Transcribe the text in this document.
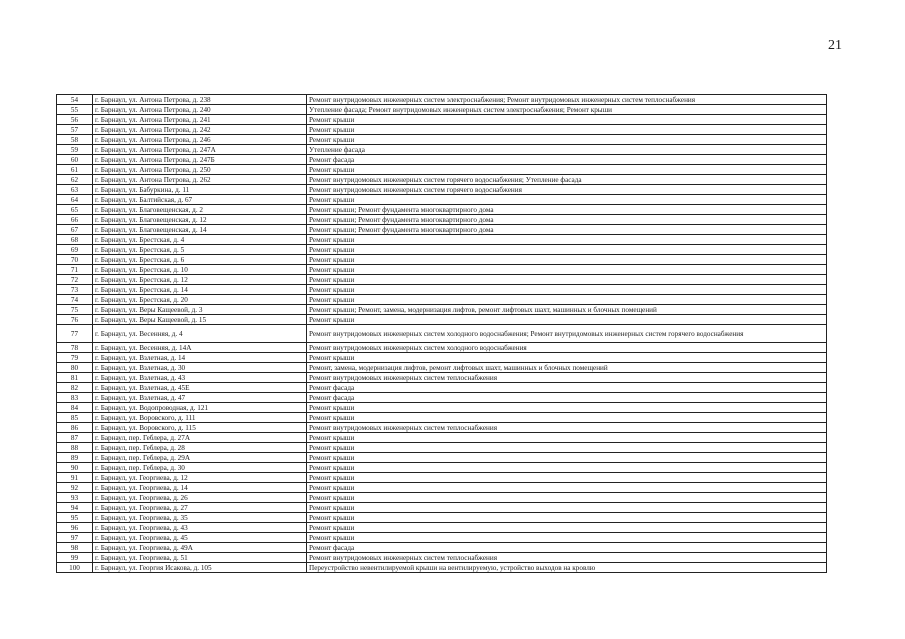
21
54	г. Барнаул, ул. Антона Петрова, д. 238	Ремонт внутридомовых инженерных систем электроснабжения; Ремонт внутридомовых инженерных систем теплоснабжения
55	г. Барнаул, ул. Антона Петрова, д. 240	Утепление фасада; Ремонт внутридомовых инженерных систем электроснабжения; Ремонт крыши
56	г. Барнаул, ул. Антона Петрова, д. 241	Ремонт крыши
57	г. Барнаул, ул. Антона Петрова, д. 242	Ремонт крыши
58	г. Барнаул, ул. Антона Петрова, д. 246	Ремонт крыши
59	г. Барнаул, ул. Антона Петрова, д. 247А	Утепление фасада
60	г. Барнаул, ул. Антона Петрова, д. 247Б	Ремонт фасада
61	г. Барнаул, ул. Антона Петрова, д. 250	Ремонт крыши
62	г. Барнаул, ул. Антона Петрова, д. 262	Ремонт внутридомовых инженерных систем горячего водоснабжения; Утепление фасада
63	г. Барнаул, ул. Бабуркина, д. 11	Ремонт внутридомовых инженерных систем горячего водоснабжения
64	г. Барнаул, ул. Балтийская, д. 67	Ремонт крыши
65	г. Барнаул, ул. Благовещенская, д. 2	Ремонт крыши; Ремонт фундамента многоквартирного дома
66	г. Барнаул, ул. Благовещенская, д. 12	Ремонт крыши; Ремонт фундамента многоквартирного дома
67	г. Барнаул, ул. Благовещенская, д. 14	Ремонт крыши; Ремонт фундамента многоквартирного дома
68	г. Барнаул, ул. Брестская, д. 4	Ремонт крыши
69	г. Барнаул, ул. Брестская, д. 5	Ремонт крыши
70	г. Барнаул, ул. Брестская, д. 6	Ремонт крыши
71	г. Барнаул, ул. Брестская, д. 10	Ремонт крыши
72	г. Барнаул, ул. Брестская, д. 12	Ремонт крыши
73	г. Барнаул, ул. Брестская, д. 14	Ремонт крыши
74	г. Барнаул, ул. Брестская, д. 20	Ремонт крыши
75	г. Барнаул, ул. Веры Кащеевой, д. 3	Ремонт крыши; Ремонт, замена, модернизация лифтов, ремонт лифтовых шахт, машинных и блочных помещений
76	г. Барнаул, ул. Веры Кащеевой, д. 15	Ремонт крыши
77	г. Барнаул, ул. Весенняя, д. 4	Ремонт внутридомовых инженерных систем холодного водоснабжения; Ремонт внутридомовых инженерных систем горячего водоснабжения
78	г. Барнаул, ул. Весенняя, д. 14А	Ремонт внутридомовых инженерных систем холодного водоснабжения
79	г. Барнаул, ул. Взлетная, д. 14	Ремонт крыши
80	г. Барнаул, ул. Взлетная, д. 30	Ремонт, замена, модернизация лифтов, ремонт лифтовых шахт, машинных и блочных помещений
81	г. Барнаул, ул. Взлетная, д. 43	Ремонт внутридомовых инженерных систем теплоснабжения
82	г. Барнаул, ул. Взлетная, д. 45Е	Ремонт фасада
83	г. Барнаул, ул. Взлетная, д. 47	Ремонт фасада
84	г. Барнаул, ул. Водопроводная, д. 121	Ремонт крыши
85	г. Барнаул, ул. Воровского, д. 111	Ремонт крыши
86	г. Барнаул, ул. Воровского, д. 115	Ремонт внутридомовых инженерных систем теплоснабжения
87	г. Барнаул, пер. Геблера, д. 27А	Ремонт крыши
88	г. Барнаул, пер. Геблера, д. 28	Ремонт крыши
89	г. Барнаул, пер. Геблера, д. 29А	Ремонт крыши
90	г. Барнаул, пер. Геблера, д. 30	Ремонт крыши
91	г. Барнаул, ул. Георгиева, д. 12	Ремонт крыши
92	г. Барнаул, ул. Георгиева, д. 14	Ремонт крыши
93	г. Барнаул, ул. Георгиева, д. 26	Ремонт крыши
94	г. Барнаул, ул. Георгиева, д. 27	Ремонт крыши
95	г. Барнаул, ул. Георгиева, д. 35	Ремонт крыши
96	г. Барнаул, ул. Георгиева, д. 43	Ремонт крыши
97	г. Барнаул, ул. Георгиева, д. 45	Ремонт крыши
98	г. Барнаул, ул. Георгиева, д. 49А	Ремонт фасада
99	г. Барнаул, ул. Георгиева, д. 51	Ремонт внутридомовых инженерных систем теплоснабжения
100	г. Барнаул, ул. Георгия Исакова, д. 105	Переустройство невентилируемой крыши на вентилируемую, устройство выходов на кровлю
